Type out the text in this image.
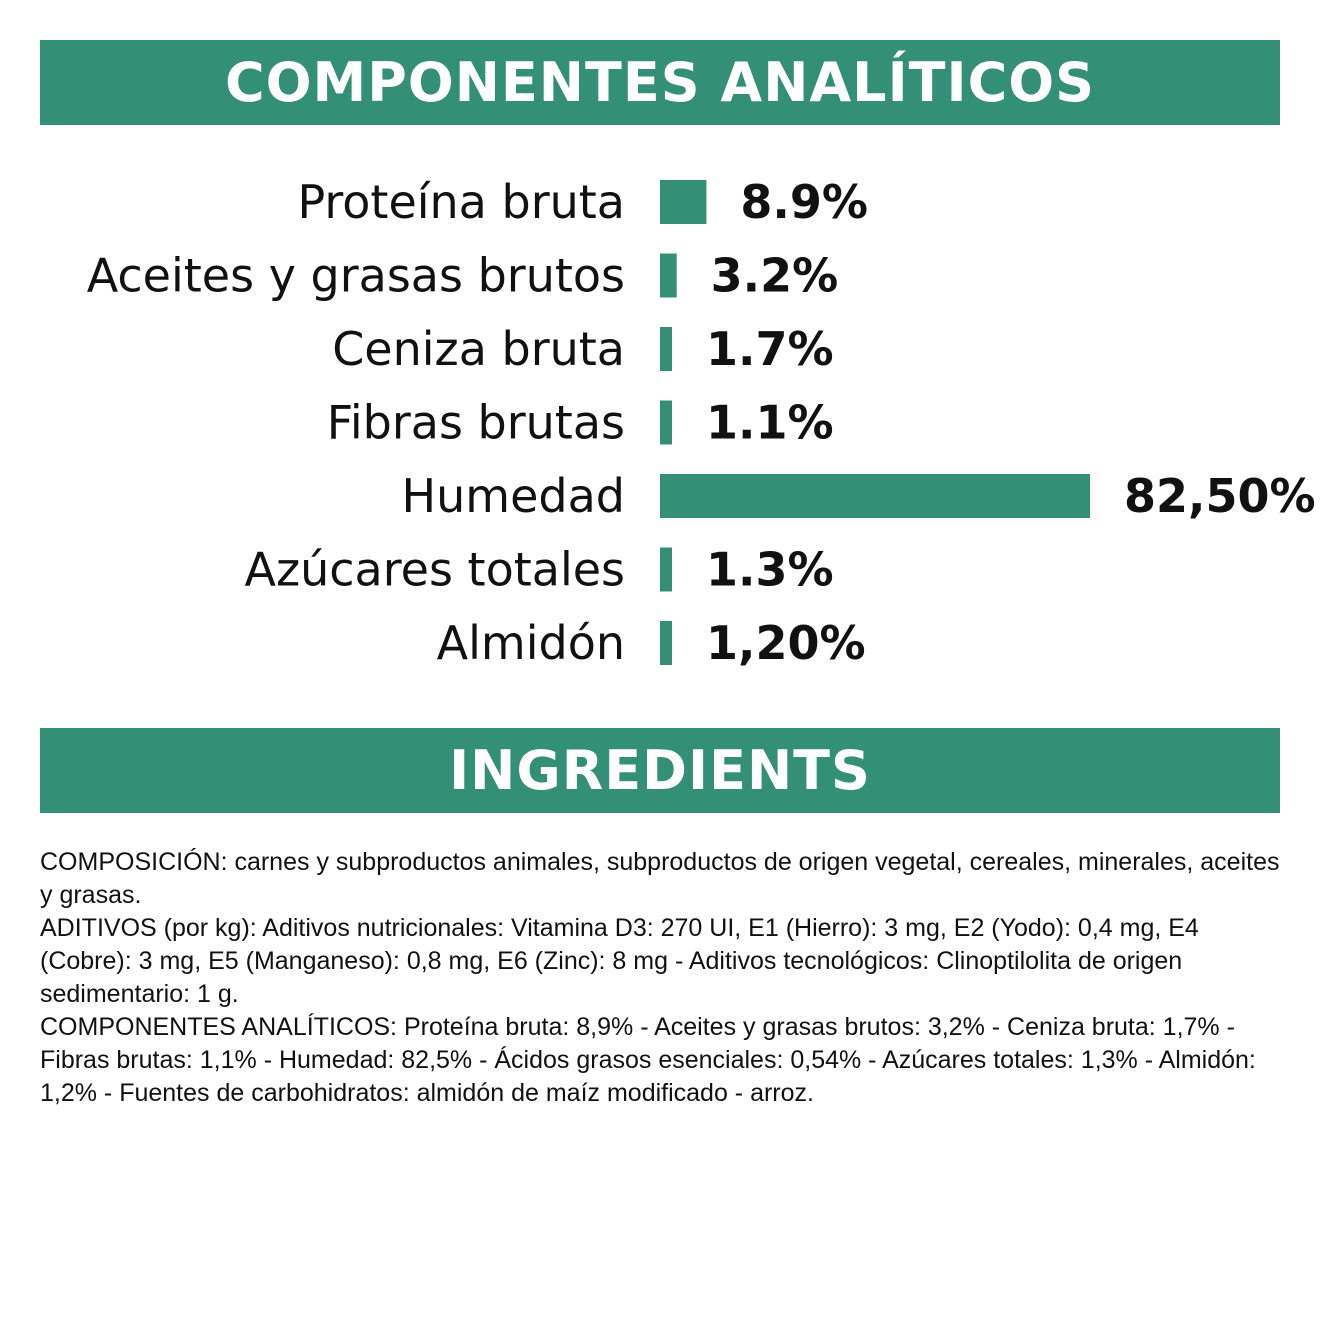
COMPONENTES ANALÍTICOS
Proteína bruta	8.9%
Aceites y grasas brutos 3.2%
Ceniza bruta 1.7%
Fibras brutas 1.1%
Humedad	82,50%
Azúcares totales 1.3%
Almidón 1,20%
INGREDIENTS

COMPOSICIÓN: carnes y subproductos animales, subproductos de origen vegetal, cereales, minerales, aceites y grasas.

ADITIVOS (por kg): Aditivos nutricionales: Vitamina D3: 270 UI, E1 (Hierro): 3 mg, E2 (Yodo): 0,4 mg, E4 (Cobre): 3 mg, E5 (Manganeso): 0,8 mg, E6 (Zinc): 8 mg - Aditivos tecnológicos: Clinoptilolita de origen sedimentario: 1 g.

COMPONENTES ANALÍTICOS: Proteína bruta: 8,9% - Aceites y grasas brutos: 3,2% - Ceniza bruta: 1,7% - Fibras brutas: 1,1% - Humedad: 82,5% - Ácidos grasos esenciales: 0,54% - Azúcares totales: 1,3% - Almidón: 1,2% - Fuentes de carbohidratos: almidón de maíz modificado - arroz.
